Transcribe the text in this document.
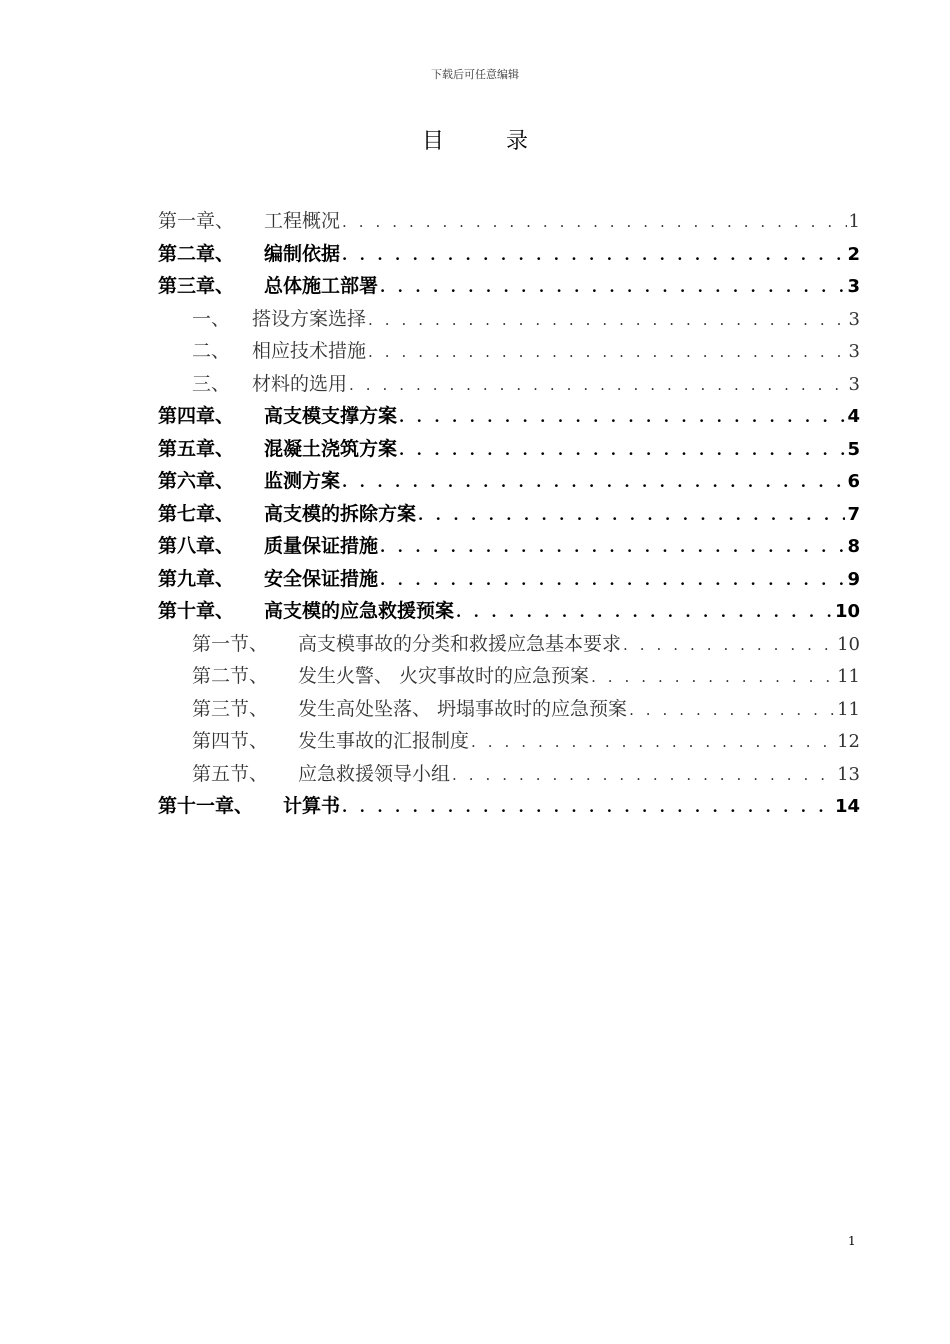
下载后可任意编辑
目	录
第一章、 工程概况 . . .	1
第二章、 编制依据 . . .	2
第三章、 总体施工部署 . . .	3
一、 搭设方案选择 . . .	3
二、 相应技术措施 . . .	3
三、 材料的选用 . . .	3
第四章、 高支模支撑方案 . . .	4
第五章、 混凝土浇筑方案 . . .	5
第六章、 监测方案 . . .	6
第七章、 高支模的拆除方案 . . .	7
第八章、 质量保证措施 . . .	8
第九章、 安全保证措施 . . .	9
第十章、 高支模的应急救援预案 . . .	10
第一节、 高支模事故的分类和救援应急基本要求 . . .	10
第二节、 发生火警、 火灾事故时的应急预案 . . .	11
第三节、 发生高处坠落、 坍塌事故时的应急预案 . . .	11
第四节、 发生事故的汇报制度 . . .	12
第五节、 应急救援领导小组 . . .	13
第十一章、 计算书 . . .	14
1
